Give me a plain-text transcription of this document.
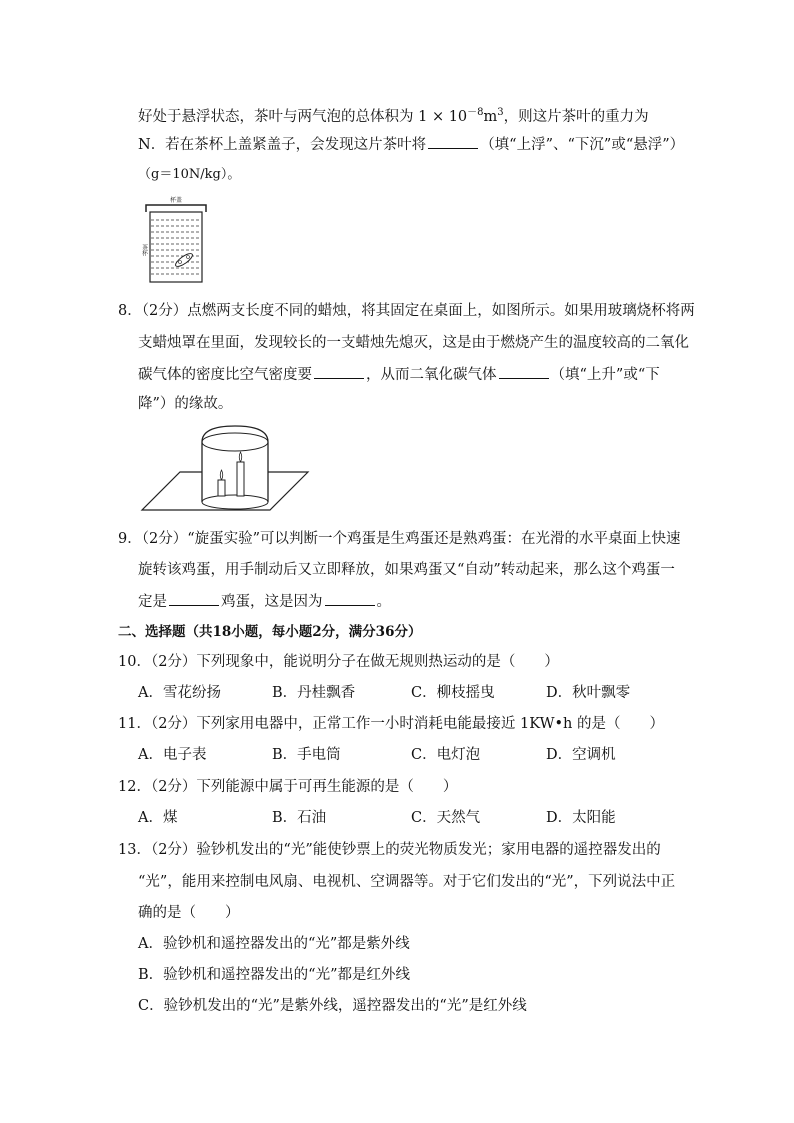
好处于悬浮状态，茶叶与两气泡的总体积为 $1 \times 10^{-8}m^3$，则这片茶叶的重力为
N．若在茶杯上盖紧盖子，会发现这片茶叶将	（填“上浮”、“下沉”或“悬浮”）
（g＝10N/kg）。
杯盖
茶杯
8．（2分）点燃两支长度不同的蜡烛，将其固定在桌面上，如图所示。如果用玻璃烧杯将两
支蜡烛罩在里面，发现较长的一支蜡烛先熄灭，这是由于燃烧产生的温度较高的二氧化
碳气体的密度比空气密度要	，从而二氧化碳气体	（填“上升”或“下
降”）的缘故。
9．（2分）“旋蛋实验”可以判断一个鸡蛋是生鸡蛋还是熟鸡蛋：在光滑的水平桌面上快速
旋转该鸡蛋，用手制动后又立即释放，如果鸡蛋又“自动”转动起来，那么这个鸡蛋一
定是	鸡蛋，这是因为	。
二、选择题（共18小题，每小题2分，满分36分）
10．（2分）下列现象中，能说明分子在做无规则热运动的是（　　）
A．雪花纷扬	B．丹桂飘香	C．柳枝摇曳	D．秋叶飘零
11．（2分）下列家用电器中，正常工作一小时消耗电能最接近 1KW•h 的是（　　）
A．电子表	B．手电筒	C．电灯泡	D．空调机
12．（2分）下列能源中属于可再生能源的是（　　）
A．煤	B．石油	C．天然气	D．太阳能
13．（2分）验钞机发出的“光”能使钞票上的荧光物质发光；家用电器的遥控器发出的
“光”，能用来控制电风扇、电视机、空调器等。对于它们发出的“光”，下列说法中正
确的是（　　）
A．验钞机和遥控器发出的“光”都是紫外线
B．验钞机和遥控器发出的“光”都是红外线
C．验钞机发出的“光”是紫外线，遥控器发出的“光”是红外线
